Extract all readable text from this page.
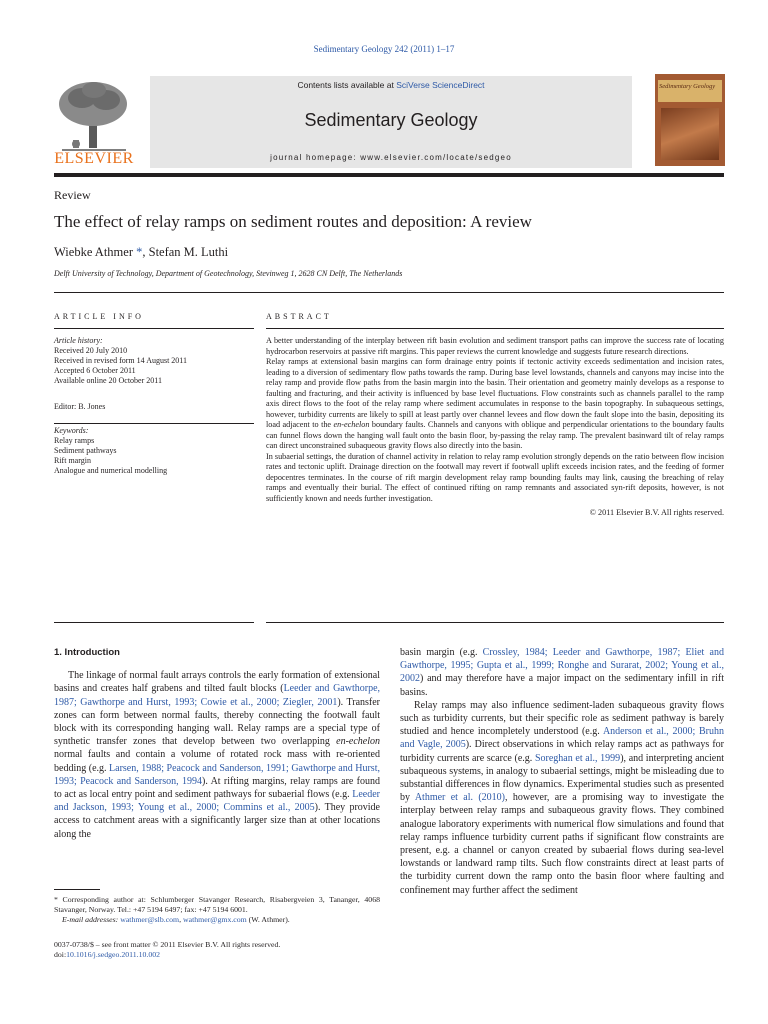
Sedimentary Geology 242 (2011) 1–17
ELSEVIER
Contents lists available at SciVerse ScienceDirect
Sedimentary Geology
journal homepage: www.elsevier.com/locate/sedgeo
Sedimentary Geology
Review
The effect of relay ramps on sediment routes and deposition: A review
Wiebke Athmer *, Stefan M. Luthi
Delft University of Technology, Department of Geotechnology, Stevinweg 1, 2628 CN Delft, The Netherlands
ARTICLE INFO	ABSTRACT
Article history:
Received 20 July 2010
Received in revised form 14 August 2011
Accepted 6 October 2011
Available online 20 October 2011
Editor: B. Jones
Keywords:
Relay ramps
Sediment pathways
Rift margin
Analogue and numerical modelling

A better understanding of the interplay between rift basin evolution and sediment transport paths can improve the success rate of locating hydrocarbon reservoirs at passive rift margins. This paper reviews the current knowledge and suggests future research directions.

Relay ramps at extensional basin margins can form drainage entry points if tectonic activity exceeds sedimentation and incision rates, leading to a diversion of sedimentary flow paths towards the ramp. During base level lowstands, channels and canyons may incise into the relay ramp and provide flow paths from the basin margin into the basin. Their orientation and geometry mainly develops as a response to faulting and fracturing, and their activity is influenced by base level fluctuations. Flow constraints such as channels parallel to the ramp axis direct flows to the foot of the relay ramp where sediment accumulates in response to the basin topography. In subaqueous settings, however, turbidity currents are likely to spill at least partly over channel levees and flow down the fault slope into the basin, depositing its load adjacent to the en-echelon boundary faults. Channels and canyons with oblique and perpendicular orientations to the boundary faults can funnel flows down the hanging wall fault onto the basin floor, by-passing the relay ramp. The prevalent basinward tilt of relay ramps can direct unconstrained subaqueous gravity flows also directly into the basin.

In subaerial settings, the duration of channel activity in relation to relay ramp evolution strongly depends on the ratio between flow incision rates and tectonic uplift. Drainage direction on the footwall may revert if footwall uplift exceeds incision rates, and the feeding of former depocentres terminates. In the course of rift margin development relay ramp bounding faults may link, causing the breaching of relay ramps and eventually their burial. The effect of continued rifting on ramp remnants and associated syn-rift deposits, however, is not sufficiently known and needs further investigation.

© 2011 Elsevier B.V. All rights reserved.

1. Introduction

The linkage of normal fault arrays controls the early formation of extensional basins and creates half grabens and tilted fault blocks (Leeder and Gawthorpe, 1987; Gawthorpe and Hurst, 1993; Cowie et al., 2000; Ziegler, 2001). Transfer zones can form between normal faults, thereby connecting the footwall fault block with its corresponding hanging wall. Relay ramps are a special type of synthetic transfer zones that develop between two overlapping en-echelon normal faults and contain a volume of rotated rock mass with re-oriented bedding (e.g. Larsen, 1988; Peacock and Sanderson, 1991; Gawthorpe and Hurst, 1993; Peacock and Sanderson, 1994). At rifting margins, relay ramps are found to act as local entry point and sediment pathways for subaerial flows (e.g. Leeder and Jackson, 1993; Young et al., 2000; Commins et al., 2005). They provide access to catchment areas with a significantly larger size than at other locations along the

basin margin (e.g. Crossley, 1984; Leeder and Gawthorpe, 1987; Eliet and Gawthorpe, 1995; Gupta et al., 1999; Ronghe and Surarat, 2002; Young et al., 2002) and may therefore have a major impact on the sedimentary infill in rift basins.

Relay ramps may also influence sediment-laden subaqueous gravity flows such as turbidity currents, but their specific role as sediment pathway is barely studied and hence incompletely understood (e.g. Anderson et al., 2000; Bruhn and Vagle, 2005). Direct observations in which relay ramps act as pathways for turbidity currents are scarce (e.g. Soreghan et al., 1999), and interpreting ancient subaqueous systems, in analogy to subaerial settings, might be misleading due to substantial differences in flow dynamics. Experimental studies such as presented by Athmer et al. (2010), however, are a promising way to investigate the interplay between relay ramps and subaqueous gravity flows. They combined analogue laboratory experiments with numerical flow simulations and found that relay ramps influence turbidity current paths if significant flow constraints are present, e.g. a channel or canyon created by subaerial flows during sea-level lowstands or landward ramp tilts. Such flow constraints direct at least parts of the turbidity current down the ramp onto the basin floor where faulting and confinement may further affect the sediment

* Corresponding author at: Schlumberger Stavanger Research, Risabergveien 3, Tananger, 4068 Stavanger, Norway. Tel.: +47 5194 6497; fax: +47 5194 6001.
E-mail addresses: wathmer@slb.com, wathmer@gmx.com (W. Athmer).
0037-0738/$ – see front matter © 2011 Elsevier B.V. All rights reserved.
doi:10.1016/j.sedgeo.2011.10.002
